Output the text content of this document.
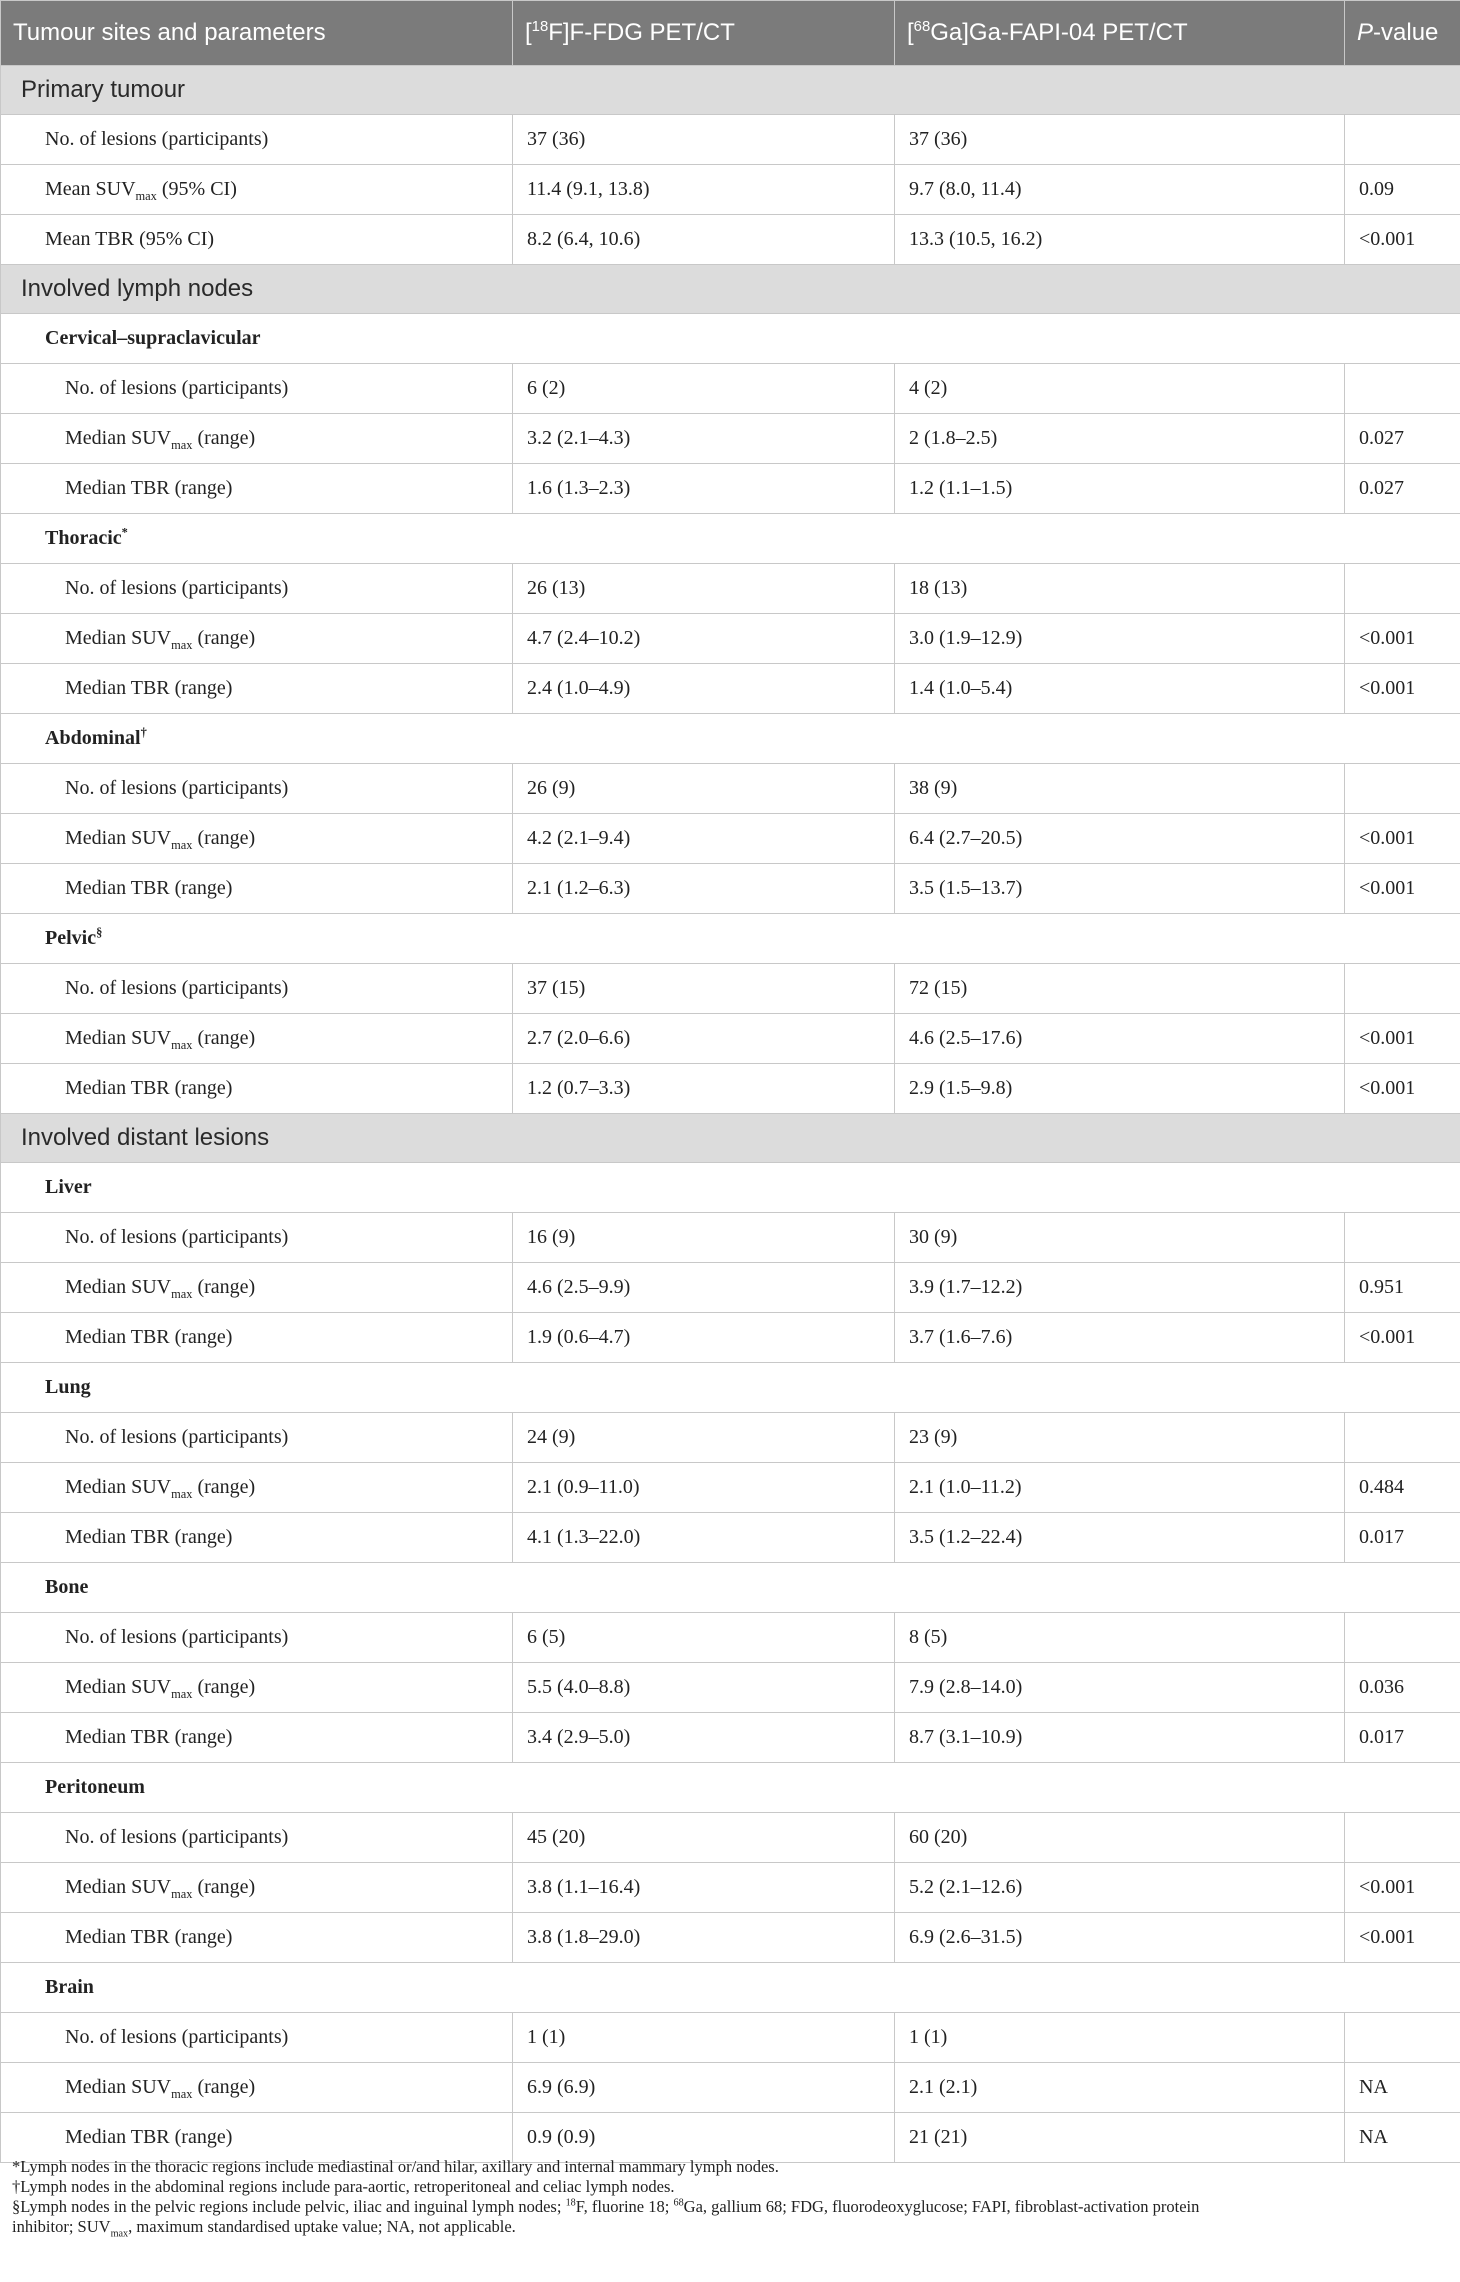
Tumour sites and parameters	[$^{18}$F]F-FDG PET/CT	[$^{68}$Ga]Ga-FAPI-04 PET/CT	P-value
Primary tumour			
No. of lesions (participants)	37 (36)	37 (36)	
Mean $SUV_{max}$ (95% CI)	11.4 (9.1, 13.8)	9.7 (8.0, 11.4)	0.09
Mean TBR (95% CI)	8.2 (6.4, 10.6)	13.3 (10.5, 16.2)	<0.001
Involved lymph nodes			
Cervical–supraclavicular			
No. of lesions (participants)	6 (2)	4 (2)	
Median $SUV_{max}$ (range)	3.2 (2.1–4.3)	2 (1.8–2.5)	0.027
Median TBR (range)	1.6 (1.3–2.3)	1.2 (1.1–1.5)	0.027
Thoracic*
No. of lesions (participants)	26 (13)	18 (13)	
Median $SUV_{max}$ (range)	4.7 (2.4–10.2)	3.0 (1.9–12.9)	<0.001
Median TBR (range)	2.4 (1.0–4.9)	1.4 (1.0–5.4)	<0.001
Abdominal†
No. of lesions (participants)	26 (9)	38 (9)	
Median $SUV_{max}$ (range)	4.2 (2.1–9.4)	6.4 (2.7–20.5)	<0.001
Median TBR (range)	2.1 (1.2–6.3)	3.5 (1.5–13.7)	<0.001
Pelvic§
No. of lesions (participants)	37 (15)	72 (15)	
Median $SUV_{max}$ (range)	2.7 (2.0–6.6)	4.6 (2.5–17.6)	<0.001
Median TBR (range)	1.2 (0.7–3.3)	2.9 (1.5–9.8)	<0.001
Involved distant lesions			
Liver			
No. of lesions (participants)	16 (9)	30 (9)	
Median $SUV_{max}$ (range)	4.6 (2.5–9.9)	3.9 (1.7–12.2)	0.951
Median TBR (range)	1.9 (0.6–4.7)	3.7 (1.6–7.6)	<0.001
Lung			
No. of lesions (participants)	24 (9)	23 (9)	
Median $SUV_{max}$ (range)	2.1 (0.9–11.0)	2.1 (1.0–11.2)	0.484
Median TBR (range)	4.1 (1.3–22.0)	3.5 (1.2–22.4)	0.017
Bone			
No. of lesions (participants)	6 (5)	8 (5)	
Median $SUV_{max}$ (range)	5.5 (4.0–8.8)	7.9 (2.8–14.0)	0.036
Median TBR (range)	3.4 (2.9–5.0)	8.7 (3.1–10.9)	0.017
Peritoneum			
No. of lesions (participants)	45 (20)	60 (20)	
Median $SUV_{max}$ (range)	3.8 (1.1–16.4)	5.2 (2.1–12.6)	<0.001
Median TBR (range)	3.8 (1.8–29.0)	6.9 (2.6–31.5)	<0.001
Brain			
No. of lesions (participants)	1 (1)	1 (1)	
Median $SUV_{max}$ (range)	6.9 (6.9)	2.1 (2.1)	NA
Median TBR (range)	0.9 (0.9)	21 (21)	NA

*Lymph nodes in the thoracic regions include mediastinal or/and hilar, axillary and internal mammary lymph nodes.

†Lymph nodes in the abdominal regions include para-aortic, retroperitoneal and celiac lymph nodes.

§Lymph nodes in the pelvic regions include pelvic, iliac and inguinal lymph nodes; $^{18}$F, fluorine 18; $^{68}$Ga, gallium 68; FDG, fluorodeoxyglucose; FAPI, fibroblast-activation protein

inhibitor; $SUV_{max}$, maximum standardised uptake value; NA, not applicable.
